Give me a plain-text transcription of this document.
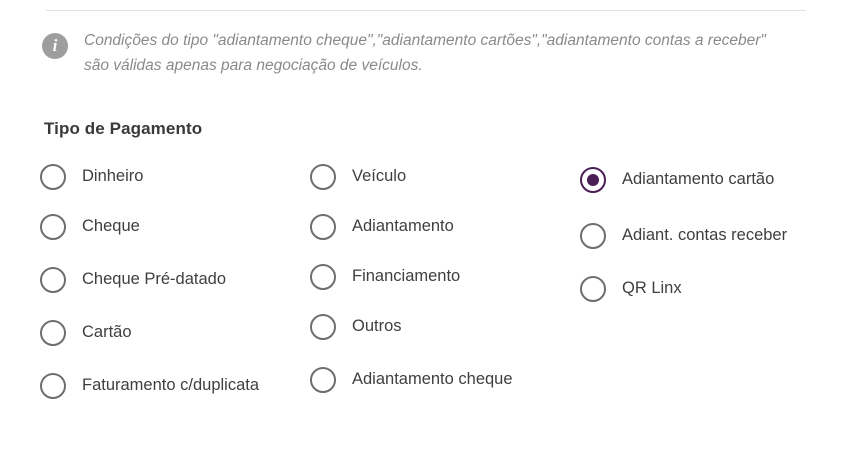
i	Condições do tipo "adiantamento cheque","adiantamento cartões","adiantamento contas a receber" são válidas apenas para negociação de veículos.
Tipo de Pagamento
Dinheiro
Cheque
Cheque Pré-datado
Cartão
Faturamento c/duplicata
Veículo
Adiantamento
Financiamento
Outros
Adiantamento cheque
Adiantamento cartão
Adiant. contas receber
QR Linx
